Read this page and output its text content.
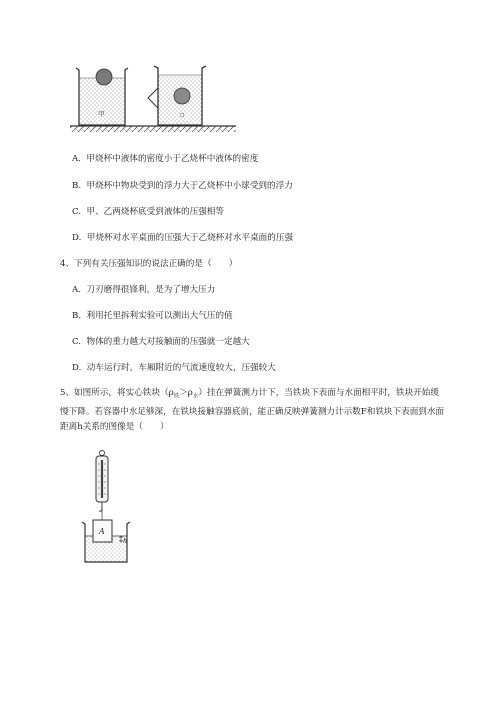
甲
A. 甲烧杯中液体的密度小于乙烧杯中液体的密度
B. 甲烧杯中物块受到的浮力大于乙烧杯中小球受到的浮力
C. 甲、乙两烧杯底受到液体的压强相等
D. 甲烧杯对水平桌面的压强大于乙烧杯对水平桌面的压强
4、下列有关压强知识的说法正确的是（　　）
A. 刀刃磨得很锋利，是为了增大压力
B. 利用托里拆利实验可以测出大气压的值
C. 物体的重力越大对接触面的压强就一定越大
D. 动车运行时，车厢附近的气流速度较大，压强较大
5、如图所示，将实心铁块$(\rho_铁>\rho_水)$挂在弹簧测力计下，当铁块下表面与水面相平时，铁块开始缓慢下降。若容器中水足够深，在铁块接触容器底前，能正确反映弹簧测力计示数F和铁块下表面到水面距离h关系的图像是（　　）
A
h
